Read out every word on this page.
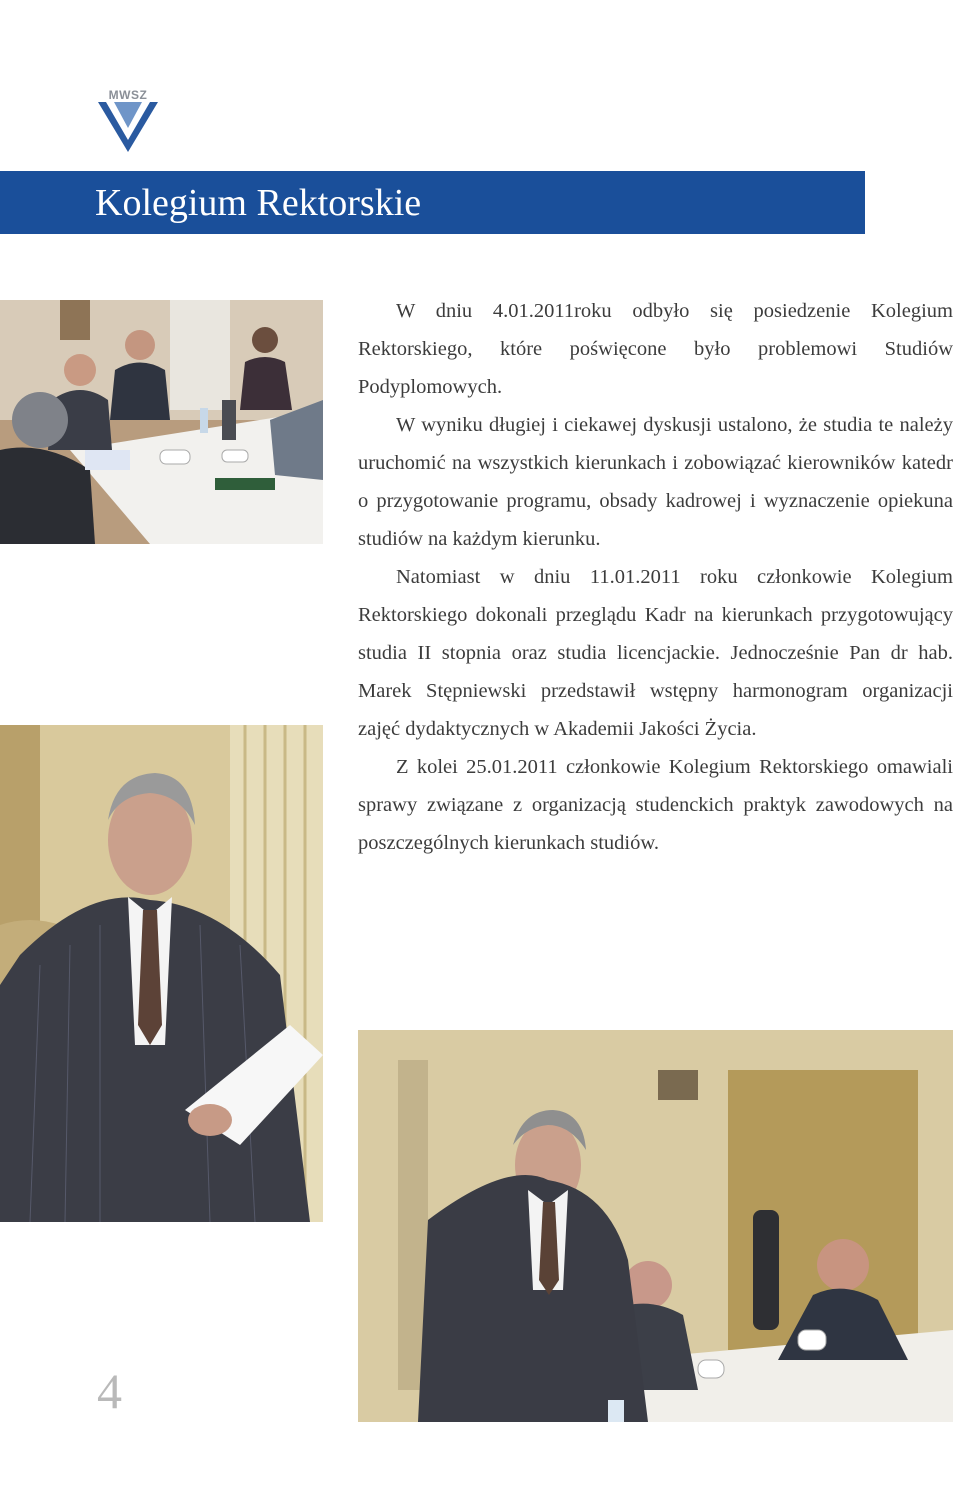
MWSZ
Kolegium Rektorskie

W dniu 4.01.2011roku odbyło się posiedzenie Kolegium Rektorskiego, które poświęcone było problemowi Studiów Podyplomowych.

W wyniku długiej i ciekawej dyskusji ustalono, że studia te należy uruchomić na wszystkich kierunkach i zobowiązać kierowników katedr o przygotowanie programu, obsady kadrowej i wyznaczenie opiekuna studiów na każdym kierunku.

Natomiast w dniu 11.01.2011 roku członkowie Kolegium Rektorskiego dokonali przeglądu Kadr na kierunkach przygotowujący studia II stopnia oraz studia licencjackie. Jednocześnie Pan dr hab. Marek Stępniewski przedstawił wstępny harmonogram organizacji zajęć dydaktycznych w Akademii Jakości Życia.

Z kolei 25.01.2011 członkowie Kolegium Rektorskiego omawiali sprawy związane z organizacją studenckich praktyk zawodowych na poszczególnych kierunkach studiów.

4
